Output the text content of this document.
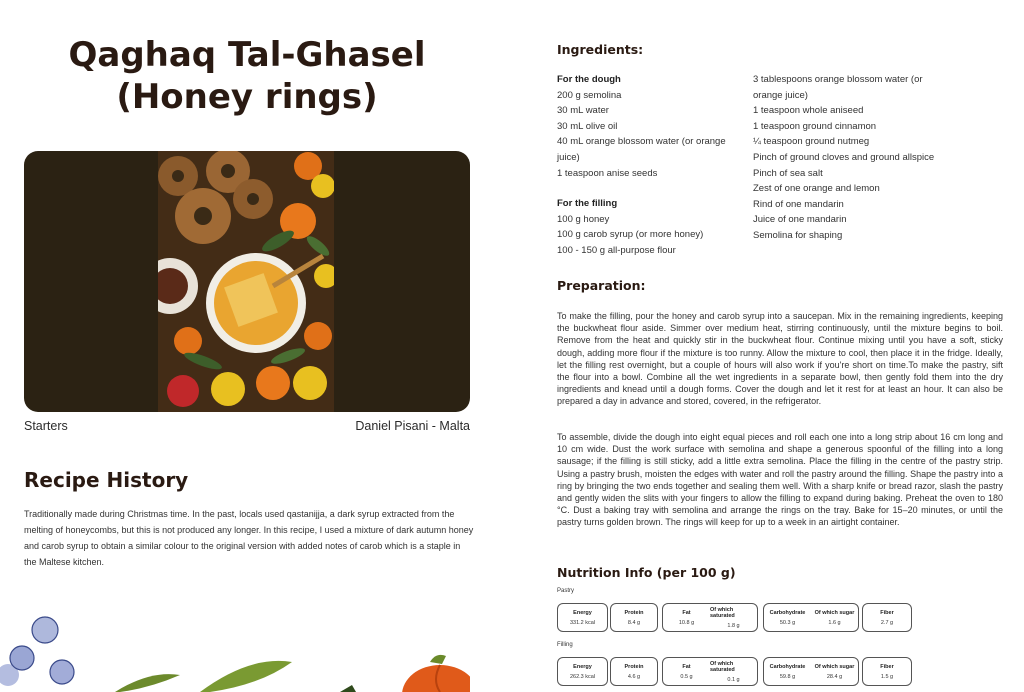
Qaghaq Tal-Ghasel
(Honey rings)
Starters	Daniel Pisani - Malta
Recipe History

Traditionally made during Christmas time. In the past, locals used qastanijja, a dark syrup extracted from the melting of honeycombs, but this is not produced any longer. In this recipe, I used a mixture of dark autumn honey and carob syrup to obtain a similar colour to the original version with added notes of carob which is a staple in the Maltese kitchen.

Ingredients:

For the dough

200 g semolina

30 mL water

30 mL olive oil

40 mL orange blossom water (or orange juice)

1 teaspoon anise seeds

For the filling

100 g honey

100 g carob syrup (or more honey)

100 - 150 g all-purpose flour

3 tablespoons orange blossom water (or orange juice)

1 teaspoon whole aniseed

1 teaspoon ground cinnamon

¼ teaspoon ground nutmeg

Pinch of ground cloves and ground allspice

Pinch of sea salt

Zest of one orange and lemon

Rind of one mandarin

Juice of one mandarin

Semolina for shaping

Preparation:

To make the filling, pour the honey and carob syrup into a saucepan. Mix in the remaining ingredients, keeping the buckwheat flour aside. Simmer over medium heat, stirring continuously, until the mixture begins to boil. Remove from the heat and quickly stir in the buckwheat flour. Continue mixing until you have a soft, sticky dough, adding more flour if the mixture is too runny. Allow the mixture to cool, then place it in the fridge. Ideally, let the filling rest overnight, but a couple of hours will also work if you're short on time.To make the pastry, sift the flour into a bowl. Combine all the wet ingredients in a separate bowl, then gently fold them into the dry ingredients and knead until a dough forms. Cover the dough and let it rest for at least an hour. It can also be prepared a day in advance and stored, covered, in the refrigerator.

To assemble, divide the dough into eight equal pieces and roll each one into a long strip about 16 cm long and 10 cm wide. Dust the work surface with semolina and shape a generous spoonful of the filling into a long sausage; if the filling is still sticky, add a little extra semolina. Place the filling in the centre of the pastry strip. Using a pastry brush, moisten the edges with water and roll the pastry around the filling. Shape the pastry into a ring by bringing the two ends together and sealing them well. With a sharp knife or bread razor, slash the pastry and gently widen the slits with your fingers to allow the filling to expand during baking. Preheat the oven to 180 °C. Dust a baking tray with semolina and arrange the rings on the tray. Bake for 15–20 minutes, or until the pastry turns golden brown. The rings will keep for up to a week in an airtight container.

Nutrition Info (per 100 g)
Pastry
Energy
331.2 kcal
Protein
8.4 g
Fat
10.8 g
Of which saturated
1.8 g
Carbohydrate
50.3 g
Of which sugar
1.6 g
Fiber
2.7 g
Filling
Energy
262.3 kcal
Protein
4.6 g
Fat
0.5 g
Of which saturated
0.1 g
Carbohydrate
59.8 g
Of which sugar
28.4 g
Fiber
1.5 g
